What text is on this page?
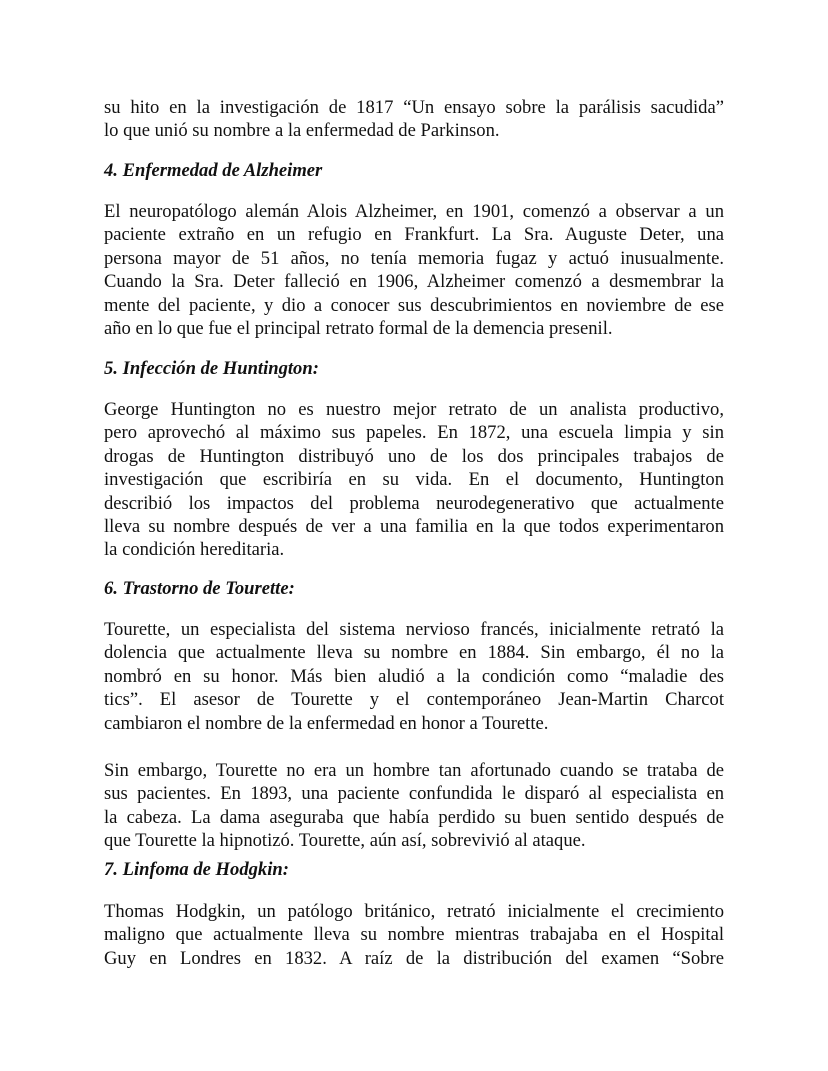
su hito en la investigación de 1817 “Un ensayo sobre la parálisis sacudida”
lo que unió su nombre a la enfermedad de Parkinson.
4. Enfermedad de Alzheimer
El neuropatólogo alemán Alois Alzheimer, en 1901, comenzó a observar a un
paciente extraño en un refugio en Frankfurt. La Sra. Auguste Deter, una
persona mayor de 51 años, no tenía memoria fugaz y actuó inusualmente.
Cuando la Sra. Deter falleció en 1906, Alzheimer comenzó a desmembrar la
mente del paciente, y dio a conocer sus descubrimientos en noviembre de ese
año en lo que fue el principal retrato formal de la demencia presenil.
5. Infección de Huntington:
George Huntington no es nuestro mejor retrato de un analista productivo,
pero aprovechó al máximo sus papeles. En 1872, una escuela limpia y sin
drogas de Huntington distribuyó uno de los dos principales trabajos de
investigación que escribiría en su vida. En el documento, Huntington
describió los impactos del problema neurodegenerativo que actualmente
lleva su nombre después de ver a una familia en la que todos experimentaron
la condición hereditaria.
6. Trastorno de Tourette:
Tourette, un especialista del sistema nervioso francés, inicialmente retrató la
dolencia que actualmente lleva su nombre en 1884. Sin embargo, él no la
nombró en su honor. Más bien aludió a la condición como “maladie des
tics”. El asesor de Tourette y el contemporáneo Jean-Martin Charcot
cambiaron el nombre de la enfermedad en honor a Tourette.
Sin embargo, Tourette no era un hombre tan afortunado cuando se trataba de
sus pacientes. En 1893, una paciente confundida le disparó al especialista en
la cabeza. La dama aseguraba que había perdido su buen sentido después de
que Tourette la hipnotizó. Tourette, aún así, sobrevivió al ataque.
7. Linfoma de Hodgkin:
Thomas Hodgkin, un patólogo británico, retrató inicialmente el crecimiento
maligno que actualmente lleva su nombre mientras trabajaba en el Hospital
Guy en Londres en 1832. A raíz de la distribución del examen “Sobre
